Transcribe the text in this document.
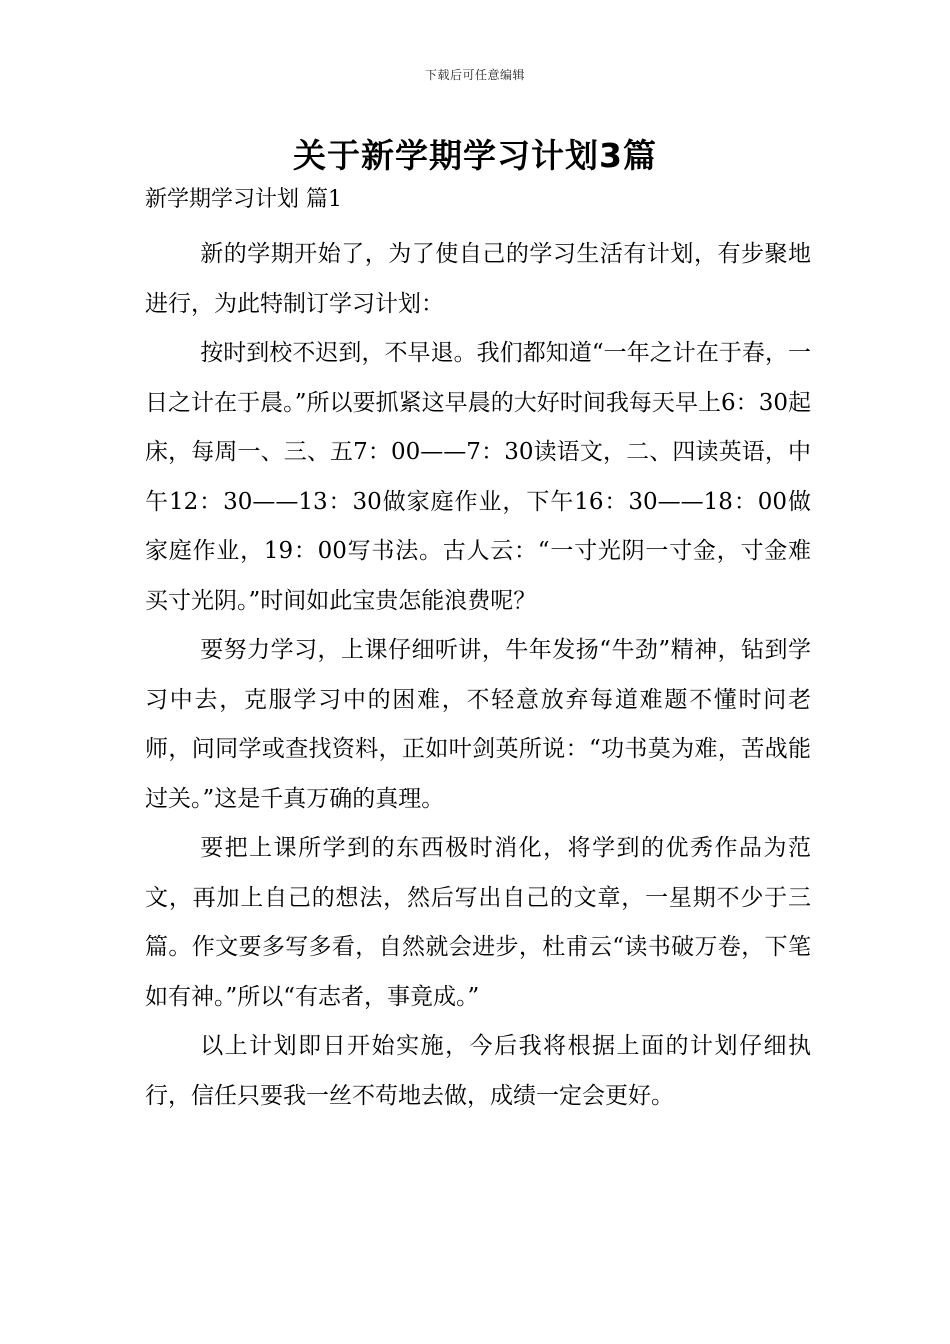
下载后可任意编辑
关于新学期学习计划3篇

新学期学习计划 篇1

新的学期开始了，为了使自己的学习生活有计划，有步聚地进行，为此特制订学习计划：

按时到校不迟到，不早退。我们都知道“一年之计在于春，一日之计在于晨。”所以要抓紧这早晨的大好时间我每天早上6：30起床，每周一、三、五7：00——7：30读语文，二、四读英语，中午12：30——13：30做家庭作业，下午16：30——18：00做家庭作业，19：00写书法。古人云：“一寸光阴一寸金，寸金难买寸光阴。”时间如此宝贵怎能浪费呢？

要努力学习，上课仔细听讲，牛年发扬“牛劲”精神，钻到学习中去，克服学习中的困难，不轻意放弃每道难题不懂时问老师，问同学或查找资料，正如叶剑英所说：“功书莫为难，苦战能过关。”这是千真万确的真理。

要把上课所学到的东西极时消化，将学到的优秀作品为范文，再加上自己的想法，然后写出自己的文章，一星期不少于三篇。作文要多写多看，自然就会进步，杜甫云“读书破万卷，下笔如有神。”所以“有志者，事竟成。”

以上计划即日开始实施，今后我将根据上面的计划仔细执行，信任只要我一丝不苟地去做，成绩一定会更好。
